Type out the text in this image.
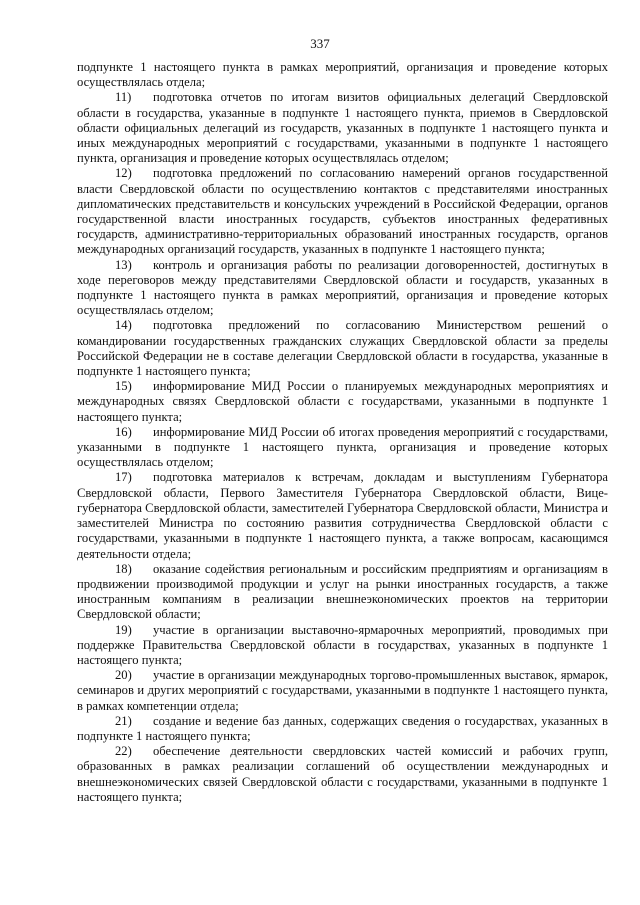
337

подпункте 1 настоящего пункта в рамках мероприятий, организация и проведение которых осуществлялась отдела;

11) подготовка отчетов по итогам визитов официальных делегаций Свердловской области в государства, указанные в подпункте 1 настоящего пункта, приемов в Свердловской области официальных делегаций из государств, указанных в подпункте 1 настоящего пункта и иных международных мероприятий с государствами, указанными в подпункте 1 настоящего пункта, организация и проведение которых осуществлялась отделом;

12) подготовка предложений по согласованию намерений органов государственной власти Свердловской области по осуществлению контактов с представителями иностранных дипломатических представительств и консульских учреждений в Российской Федерации, органов государственной власти иностранных государств, субъектов иностранных федеративных государств, административно-территориальных образований иностранных государств, органов международных организаций государств, указанных в подпункте 1 настоящего пункта;

13) контроль и организация работы по реализации договоренностей, достигнутых в ходе переговоров между представителями Свердловской области и государств, указанных в подпункте 1 настоящего пункта в рамках мероприятий, организация и проведение которых осуществлялась отделом;

14) подготовка предложений по согласованию Министерством решений о командировании государственных гражданских служащих Свердловской области за пределы Российской Федерации не в составе делегации Свердловской области в государства, указанные в подпункте 1 настоящего пункта;

15) информирование МИД России о планируемых международных мероприятиях и международных связях Свердловской области с государствами, указанными в подпункте 1 настоящего пункта;

16) информирование МИД России об итогах проведения мероприятий с государствами, указанными в подпункте 1 настоящего пункта, организация и проведение которых осуществлялась отделом;

17) подготовка материалов к встречам, докладам и выступлениям Губернатора Свердловской области, Первого Заместителя Губернатора Свердловской области, Вице-губернатора Свердловской области, заместителей Губернатора Свердловской области, Министра и заместителей Министра по состоянию развития сотрудничества Свердловской области с государствами, указанными в подпункте 1 настоящего пункта, а также вопросам, касающимся деятельности отдела;

18) оказание содействия региональным и российским предприятиям и организациям в продвижении производимой продукции и услуг на рынки иностранных государств, а также иностранным компаниям в реализации внешнеэкономических проектов на территории Свердловской области;

19) участие в организации выставочно-ярмарочных мероприятий, проводимых при поддержке Правительства Свердловской области в государствах, указанных в подпункте 1 настоящего пункта;

20) участие в организации международных торгово-промышленных выставок, ярмарок, семинаров и других мероприятий с государствами, указанными в подпункте 1 настоящего пункта, в рамках компетенции отдела;

21) создание и ведение баз данных, содержащих сведения о государствах, указанных в подпункте 1 настоящего пункта;

22) обеспечение деятельности свердловских частей комиссий и рабочих групп, образованных в рамках реализации соглашений об осуществлении международных и внешнеэкономических связей Свердловской области с государствами, указанными в подпункте 1 настоящего пункта;
